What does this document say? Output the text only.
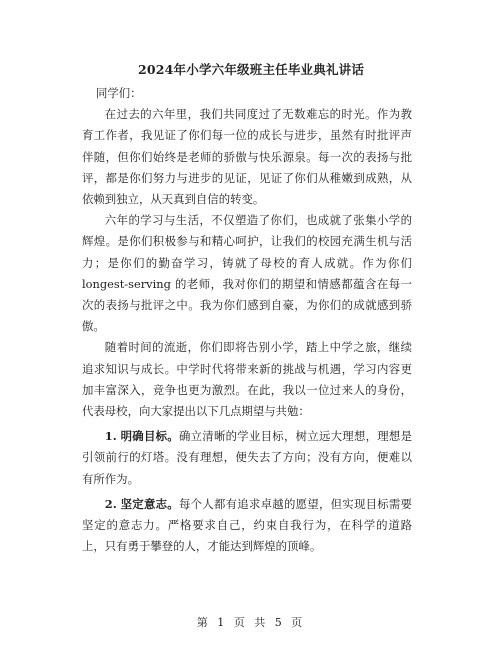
2024年小学六年级班主任毕业典礼讲话

同学们：

在过去的六年里，我们共同度过了无数难忘的时光。作为教育工作者，我见证了你们每一位的成长与进步，虽然有时批评声伴随，但你们始终是老师的骄傲与快乐源泉。每一次的表扬与批评，都是你们努力与进步的见证，见证了你们从稚嫩到成熟，从依赖到独立，从天真到自信的转变。

六年的学习与生活，不仅塑造了你们，也成就了张集小学的辉煌。是你们积极参与和精心呵护，让我们的校园充满生机与活力；是你们的勤奋学习，铸就了母校的育人成就。作为你们 longest-serving 的老师，我对你们的期望和情感都蕴含在每一次的表扬与批评之中。我为你们感到自豪，为你们的成就感到骄傲。

随着时间的流逝，你们即将告别小学，踏上中学之旅，继续追求知识与成长。中学时代将带来新的挑战与机遇，学习内容更加丰富深入，竞争也更为激烈。在此，我以一位过来人的身份，代表母校，向大家提出以下几点期望与共勉：

1. 明确目标。确立清晰的学业目标，树立远大理想，理想是引领前行的灯塔。没有理想，便失去了方向；没有方向，便难以有所作为。

2. 坚定意志。每个人都有追求卓越的愿望，但实现目标需要坚定的意志力。严格要求自己，约束自我行为，在科学的道路上，只有勇于攀登的人，才能达到辉煌的顶峰。

第 1 页 共 5 页
